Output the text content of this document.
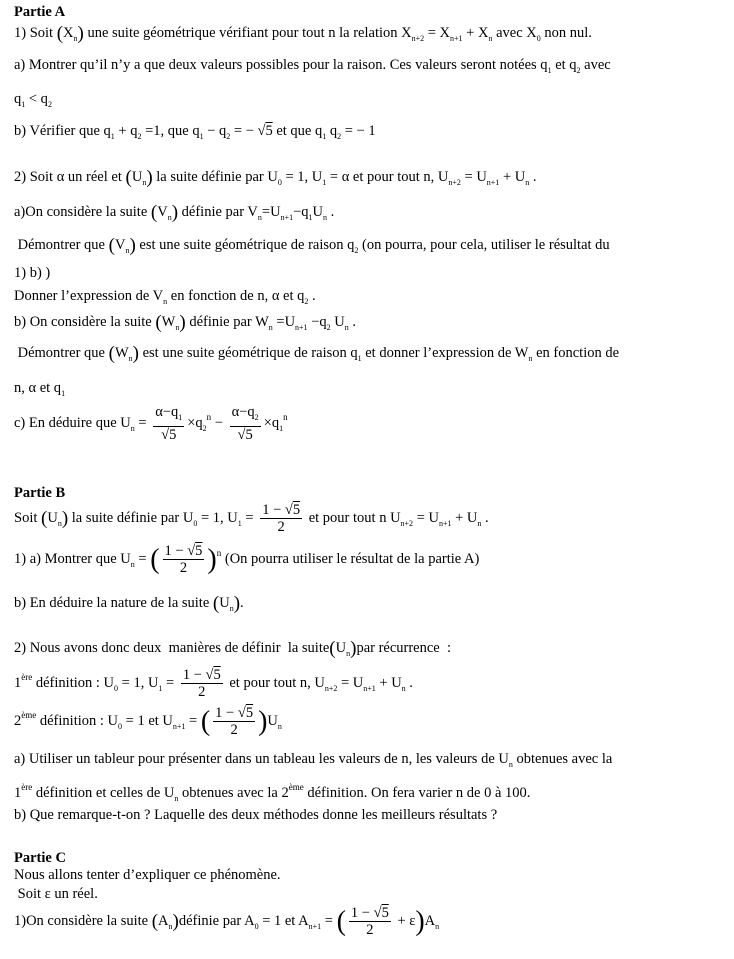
Partie A
1) Soit $(X_n)$ une suite géométrique vérifiant pour tout n la relation $X_{n+2} = X_{n+1} + X_n$ avec $X_0$ non nul.
a) Montrer qu’il n’y a que deux valeurs possibles pour la raison. Ces valeurs seront notées $q_1$ et $q_2$ avec
$q_1 < q_2$
b) Vérifier que $q_1 + q_2 =1$, que $q_1 - q_2$ = − √5 et que $q_1$ $q_2$ = − 1
2) Soit α un réel et $(U_n)$ la suite définie par $U_0 = 1$, $U_1 = \alpha$ et pour tout n, $U_{n+2} = U_{n+1} + U_n$ .
a)On considère la suite $(V_n)$ définie par $V_n=U_{n+1}-q_1U_n$ .
Démontrer que $(V_n)$ est une suite géométrique de raison $q_2$ (on pourra, pour cela, utiliser le résultat du
1) b) )
Donner l’expression de $V_n$ en fonction de n, α et $q_2$ .
b) On considère la suite $(W_n)$ définie par $W_n =U_{n+1} -q_2$ $U_n$ .
Démontrer que $(W_n)$ est une suite géométrique de raison $q_1$ et donner l’expression de $W_n$ en fonction de
n, α et $q_1$
c) En déduire que $U_n = \frac{\alpha-q_1}{√5} \times q_2^n - \frac{\alpha-q_2}{√5} \times q_1^n$
Partie B
Soit $(U_n)$ la suite définie par $U_0 = 1$, $U_1 = \frac{1 - √5}{2}$ et pour tout n $U_{n+2} = U_{n+1} + U_n$ .
1) a) Montrer que $U_n$ = ( $\frac{1 - √5}{2} )^n$ (On pourra utiliser le résultat de la partie A)
b) En déduire la nature de la suite $(U_n)$.
2) Nous avons donc deux  manières de définir  la $suite(U_n)par$ récurrence  :
1ère définition : $U_0 = 1$, $U_1 = \frac{1 - √5}{2}$ et pour tout n, $U_{n+2} = U_{n+1} + U_n$ .
2ème définition : $U_0 = 1$ et $U_{n+1}$ = ( $\frac{1 - √5}{2} )U_n$
a) Utiliser un tableur pour présenter dans un tableau les valeurs de n, les valeurs de $U_n$ obtenues avec la
1ère définition et celles de $U_n$ obtenues avec la 2ème définition. On fera varier n de 0 à 100.
b) Que remarque-t-on ? Laquelle des deux méthodes donne les meilleurs résultats ?
Partie C
Nous allons tenter d’expliquer ce phénomène.
Soit ε un réel.
1)On considère la suite $(A_n)définie$ par $A_0 = 1$ et $A_{n+1}$ = ( $\frac{1 - √5}{2} + \varepsilon)A_n$
